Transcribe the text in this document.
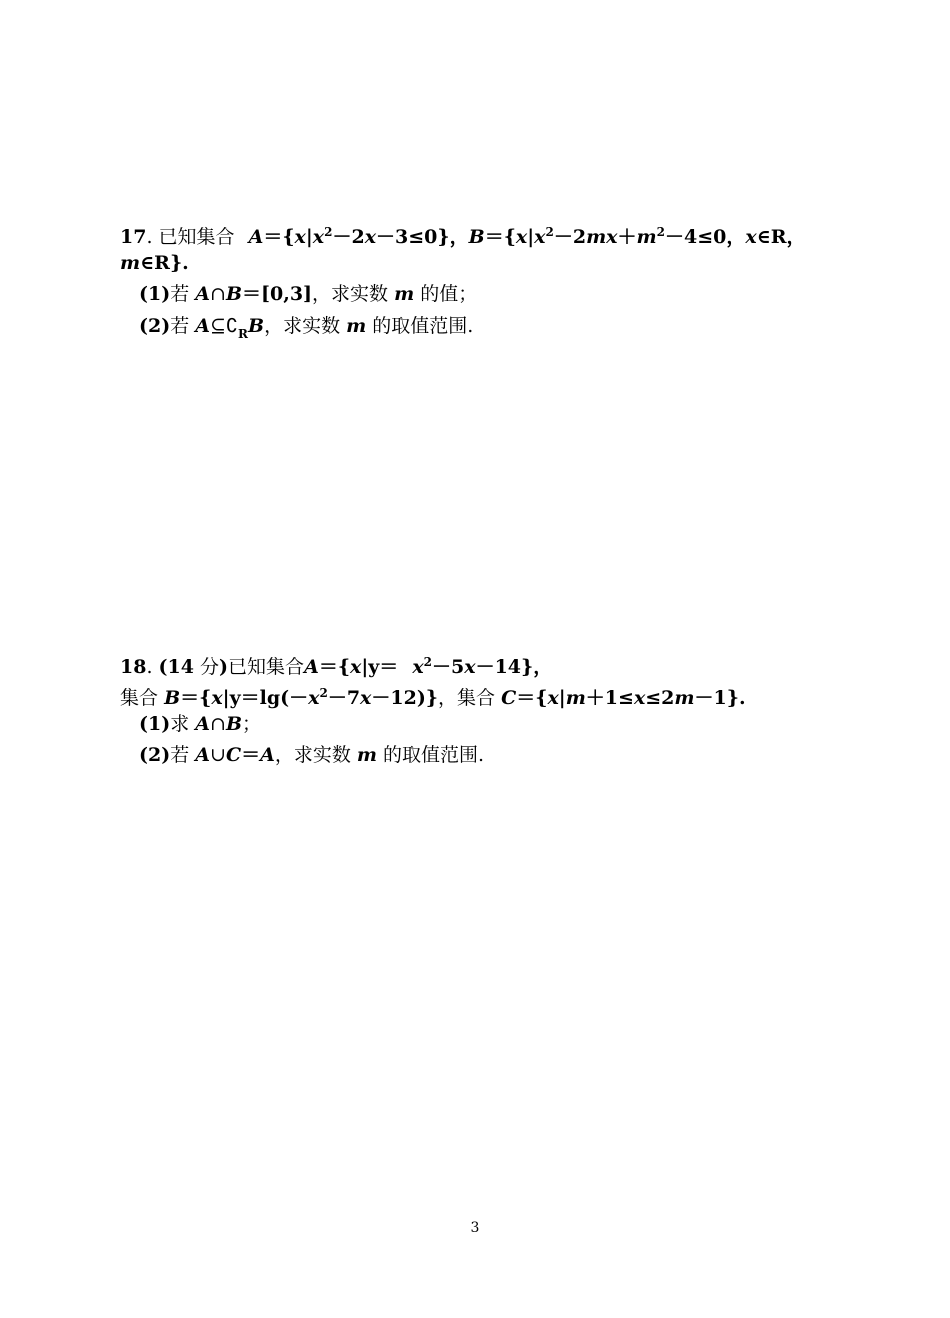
17. 已知集合 $A=\{x|x^2-2x-3\le 0\}$，$B=\{x|x^2-2mx+m^2-4\le 0$，x∈R，
m∈R}.
(1)若 A∩B＝[0,3]，求实数 m 的值；
(2)若 $A⊆∁_RB$，求实数 m 的取值范围.
18. (14 分)已知集合$A=\{x|y= x^2-5x-14\}$，
集合 $B=\{x|y=\lg(-x^2-7x-12)\}$，集合 C＝{x|m＋1≤x≤2m－1}.
(1)求 A∩B；
(2)若 A∪C＝A，求实数 m 的取值范围.
3
